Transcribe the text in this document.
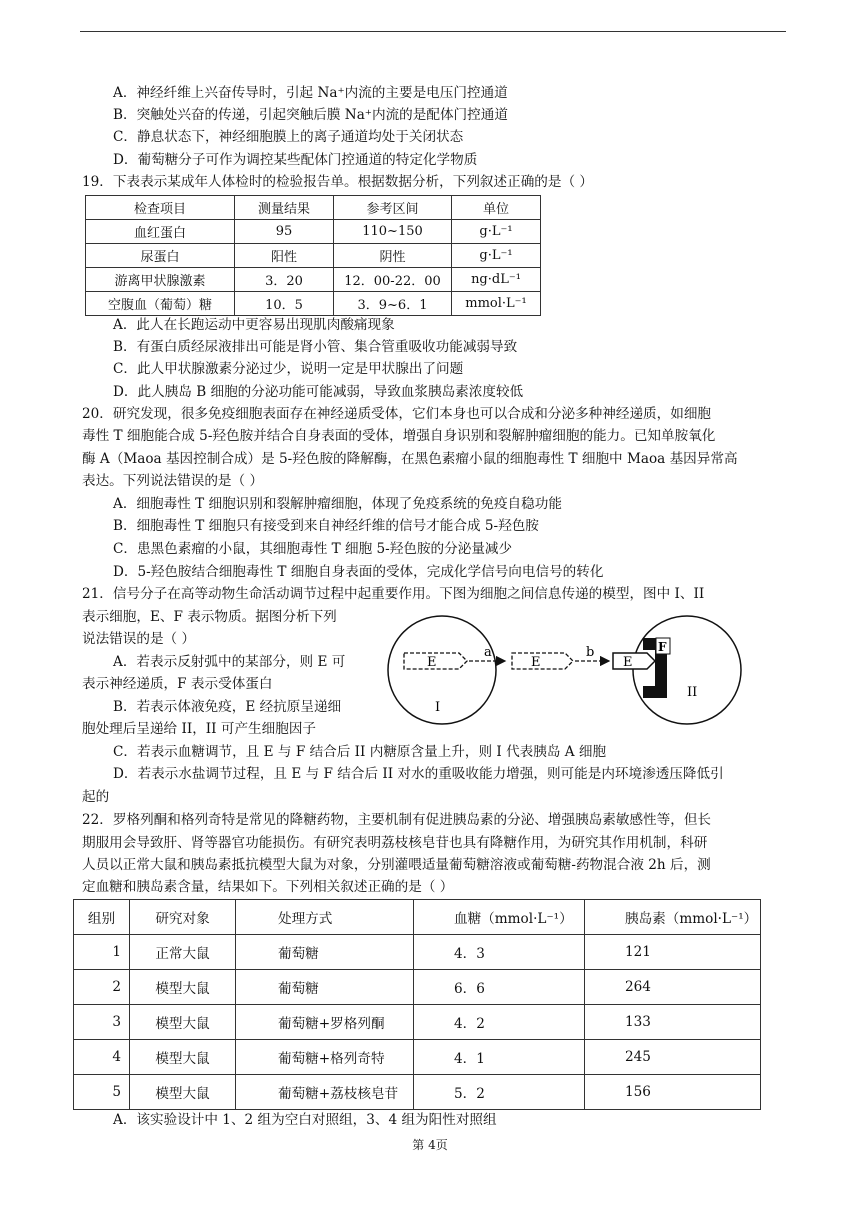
A．神经纤维上兴奋传导时，引起 Na⁺内流的主要是电压门控通道
B．突触处兴奋的传递，引起突触后膜 Na⁺内流的是配体门控通道
C．静息状态下，神经细胞膜上的离子通道均处于关闭状态
D．葡萄糖分子可作为调控某些配体门控通道的特定化学物质
19．下表表示某成年人体检时的检验报告单。根据数据分析，下列叙述正确的是（ ）
检查项目	测量结果	参考区间	单位
血红蛋白	95	110~150	g·L⁻¹
尿蛋白	阳性	阴性	g·L⁻¹
游离甲状腺激素	3．20	12．00-22．00	ng·dL⁻¹
空腹血（葡萄）糖	10．5	3．9~6．1	mmol·L⁻¹
A．此人在长跑运动中更容易出现肌肉酸痛现象
B．有蛋白质经尿液排出可能是肾小管、集合管重吸收功能减弱导致
C．此人甲状腺激素分泌过少，说明一定是甲状腺出了问题
D．此人胰岛 B 细胞的分泌功能可能减弱，导致血浆胰岛素浓度较低
20．研究发现，很多免疫细胞表面存在神经递质受体，它们本身也可以合成和分泌多种神经递质，如细胞
毒性 T 细胞能合成 5-羟色胺并结合自身表面的受体，增强自身识别和裂解肿瘤细胞的能力。已知单胺氧化
酶 A（Maoa 基因控制合成）是 5-羟色胺的降解酶，在黑色素瘤小鼠的细胞毒性 T 细胞中 Maoa 基因异常高
表达。下列说法错误的是（ ）
A．细胞毒性 T 细胞识别和裂解肿瘤细胞，体现了免疫系统的免疫自稳功能
B．细胞毒性 T 细胞只有接受到来自神经纤维的信号才能合成 5-羟色胺
C．患黑色素瘤的小鼠，其细胞毒性 T 细胞 5-羟色胺的分泌量减少
D．5-羟色胺结合细胞毒性 T 细胞自身表面的受体，完成化学信号向电信号的转化
21．信号分子在高等动物生命活动调节过程中起重要作用。下图为细胞之间信息传递的模型，图中 I、II
表示细胞，E、F 表示物质。据图分析下列
说法错误的是（ ）
A．若表示反射弧中的某部分，则 E 可
表示神经递质，F 表示受体蛋白
B．若表示体液免疫，E 经抗原呈递细
胞处理后呈递给 II，II 可产生细胞因子
C．若表示血糖调节，且 E 与 F 结合后 II 内糖原含量上升，则 I 代表胰岛 A 细胞
D．若表示水盐调节过程，且 E 与 F 结合后 II 对水的重吸收能力增强，则可能是内环境渗透压降低引
起的
E
I
a
E
b	F
E
II
22．罗格列酮和格列奇特是常见的降糖药物，主要机制有促进胰岛素的分泌、增强胰岛素敏感性等，但长
期服用会导致肝、肾等器官功能损伤。有研究表明荔枝核皂苷也具有降糖作用，为研究其作用机制，科研
人员以正常大鼠和胰岛素抵抗模型大鼠为对象，分别灌喂适量葡萄糖溶液或葡萄糖-药物混合液 2h 后，测
定血糖和胰岛素含量，结果如下。下列相关叙述正确的是（ ）
组别	研究对象	处理方式	血糖（mmol·L⁻¹）	胰岛素（mmol·L⁻¹）
1	正常大鼠	葡萄糖	4．3	121
2	模型大鼠	葡萄糖	6．6	264
3	模型大鼠	葡萄糖+罗格列酮	4．2	133
4	模型大鼠	葡萄糖+格列奇特	4．1	245
5	模型大鼠	葡萄糖+荔枝核皂苷	5．2	156
A．该实验设计中 1、2 组为空白对照组，3、4 组为阳性对照组
第 4页
